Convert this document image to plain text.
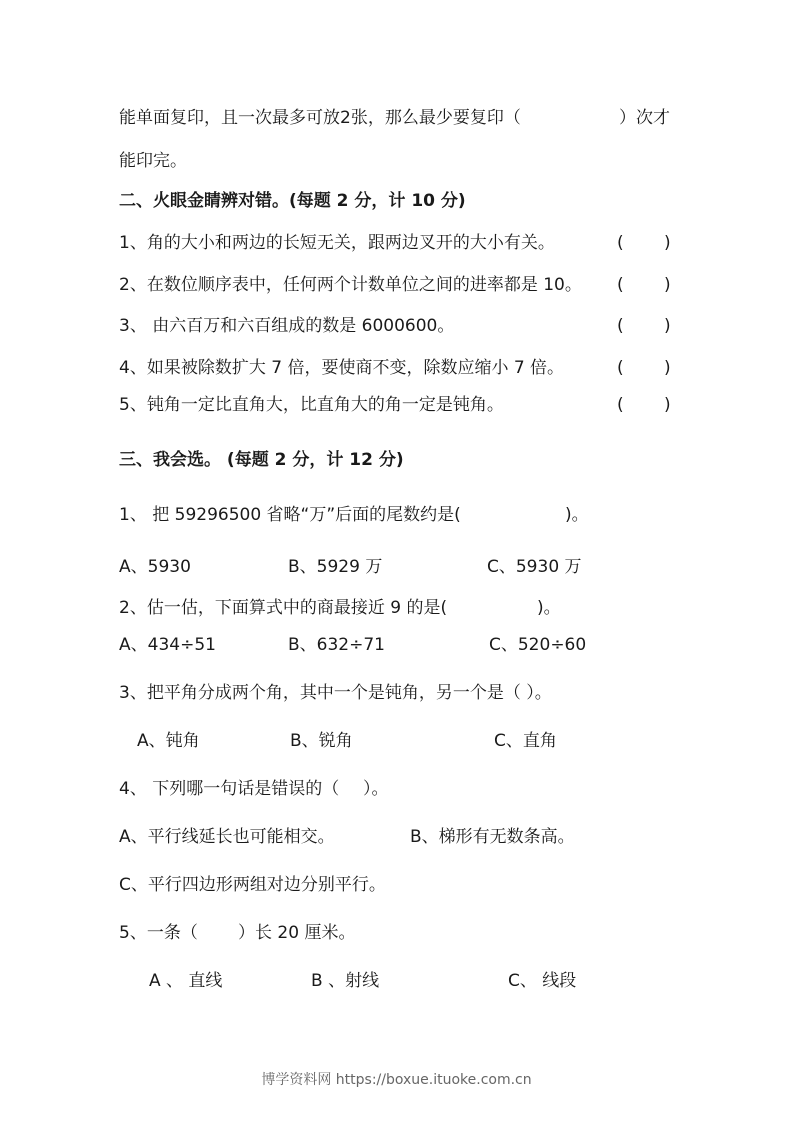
能单面复印，且一次最多可放2张，那么最少要复印（	）次才
能印完。
二、火眼金睛辨对错。(每题 2 分，计 10 分)
1、角的大小和两边的长短无关，跟两边叉开的大小有关。	( )
2、在数位顺序表中，任何两个计数单位之间的进率都是 10。 ( )
3、 由六百万和六百组成的数是 6000600。	( )
4、如果被除数扩大 7 倍，要使商不变，除数应缩小 7 倍。	( )
5、钝角一定比直角大，比直角大的角一定是钝角。	( )
三、我会选。 (每题 2 分，计 12 分)
1、 把 59296500 省略“万”后面的尾数约是(	)。
A、5930	B、5929 万	C、5930 万
2、估一估，下面算式中的商最接近 9 的是(	)。
A、434÷51	B、632÷71	C、520÷60
3、把平角分成两个角，其中一个是钝角，另一个是（ ）。
A、钝角	B、锐角	C、直角
4、 下列哪一句话是错误的（ ）。
A、平行线延长也可能相交。	B、梯形有无数条高。
C、平行四边形两组对边分别平行。
5、一条（ ）长 20 厘米。
A 、 直线	B 、射线	C、 线段
博学资料网 https://boxue.ituoke.com.cn
